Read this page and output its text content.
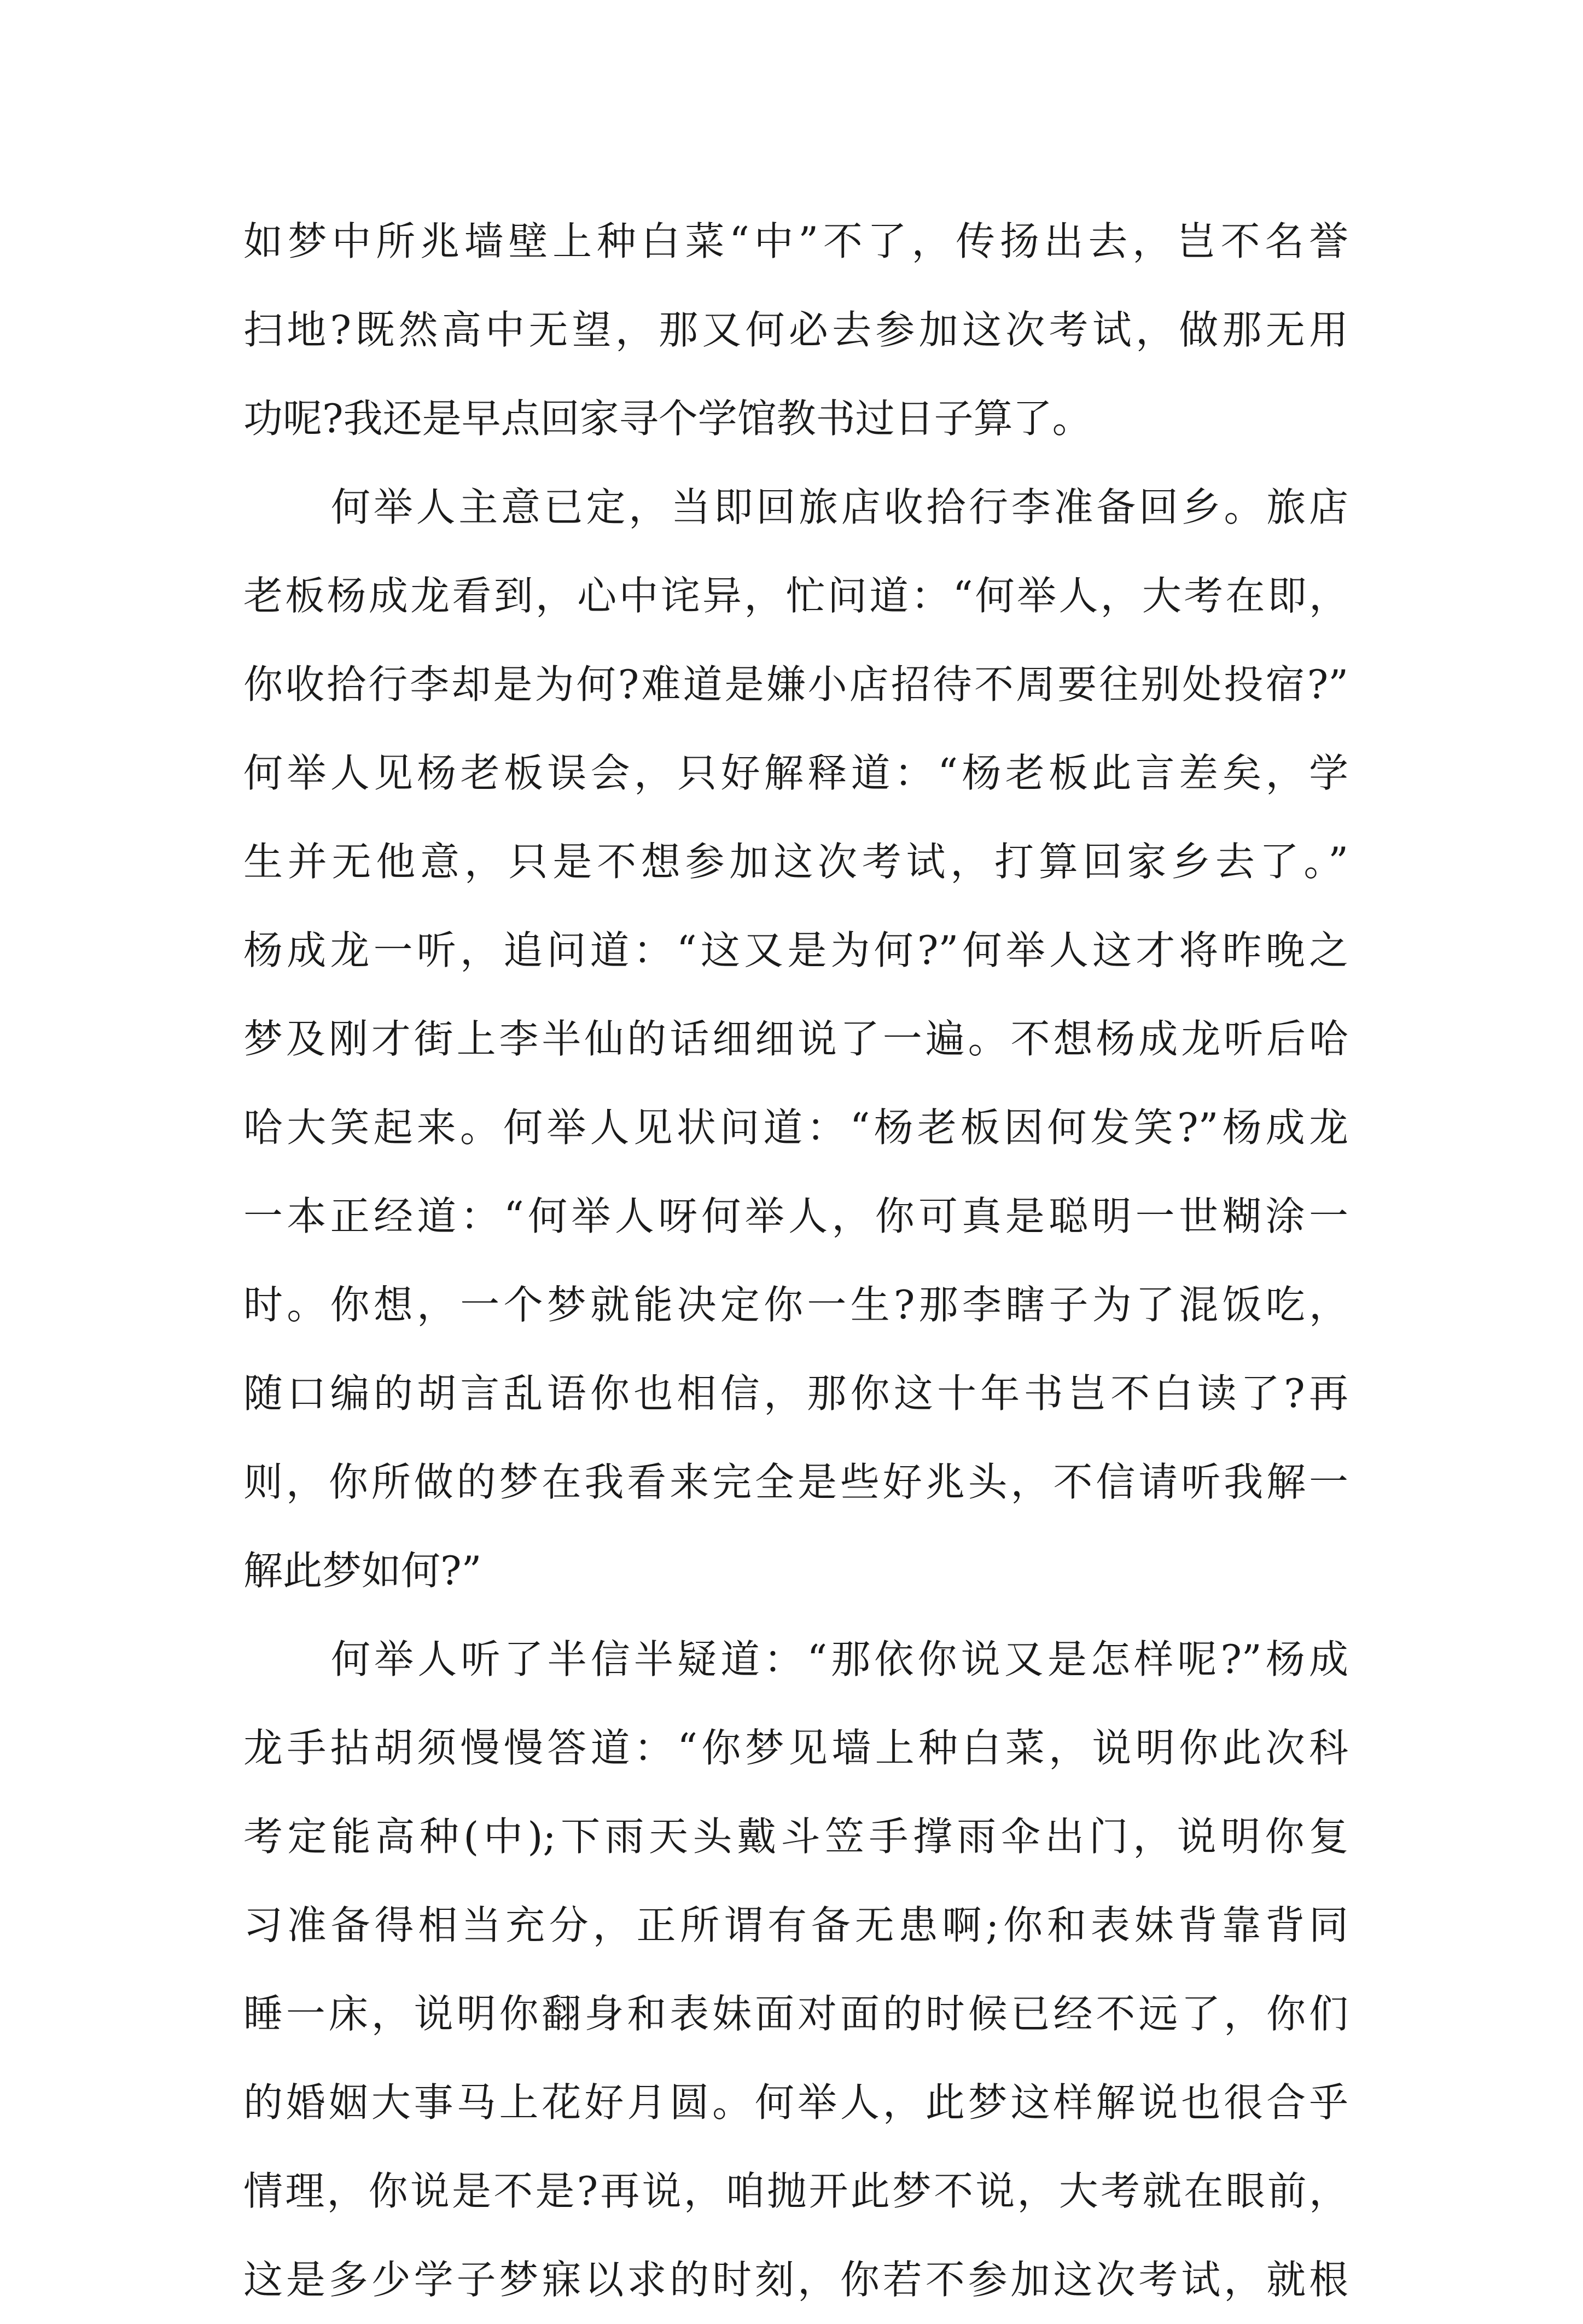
如梦中所兆墙壁上种白菜“中”不了，传扬出去，岂不名誉
扫地?既然高中无望，那又何必去参加这次考试，做那无用
功呢?我还是早点回家寻个学馆教书过日子算了。
何举人主意已定，当即回旅店收拾行李准备回乡。旅店
老板杨成龙看到，心中诧异，忙问道：“何举人，大考在即，
你收拾行李却是为何?难道是嫌小店招待不周要往别处投宿?”
何举人见杨老板误会，只好解释道：“杨老板此言差矣，学
生并无他意，只是不想参加这次考试，打算回家乡去了。”
杨成龙一听，追问道：“这又是为何?”何举人这才将昨晚之
梦及刚才街上李半仙的话细细说了一遍。不想杨成龙听后哈
哈大笑起来。何举人见状问道：“杨老板因何发笑?”杨成龙
一本正经道：“何举人呀何举人，你可真是聪明一世糊涂一
时。你想，一个梦就能决定你一生?那李瞎子为了混饭吃，
随口编的胡言乱语你也相信，那你这十年书岂不白读了?再
则，你所做的梦在我看来完全是些好兆头，不信请听我解一
解此梦如何?”
何举人听了半信半疑道：“那依你说又是怎样呢?”杨成
龙手拈胡须慢慢答道：“你梦见墙上种白菜，说明你此次科
考定能高种(中);下雨天头戴斗笠手撑雨伞出门，说明你复
习准备得相当充分，正所谓有备无患啊;你和表妹背靠背同
睡一床，说明你翻身和表妹面对面的时候已经不远了，你们
的婚姻大事马上花好月圆。何举人，此梦这样解说也很合乎
情理，你说是不是?再说，咱抛开此梦不说，大考就在眼前，
这是多少学子梦寐以求的时刻，你若不参加这次考试，就根
